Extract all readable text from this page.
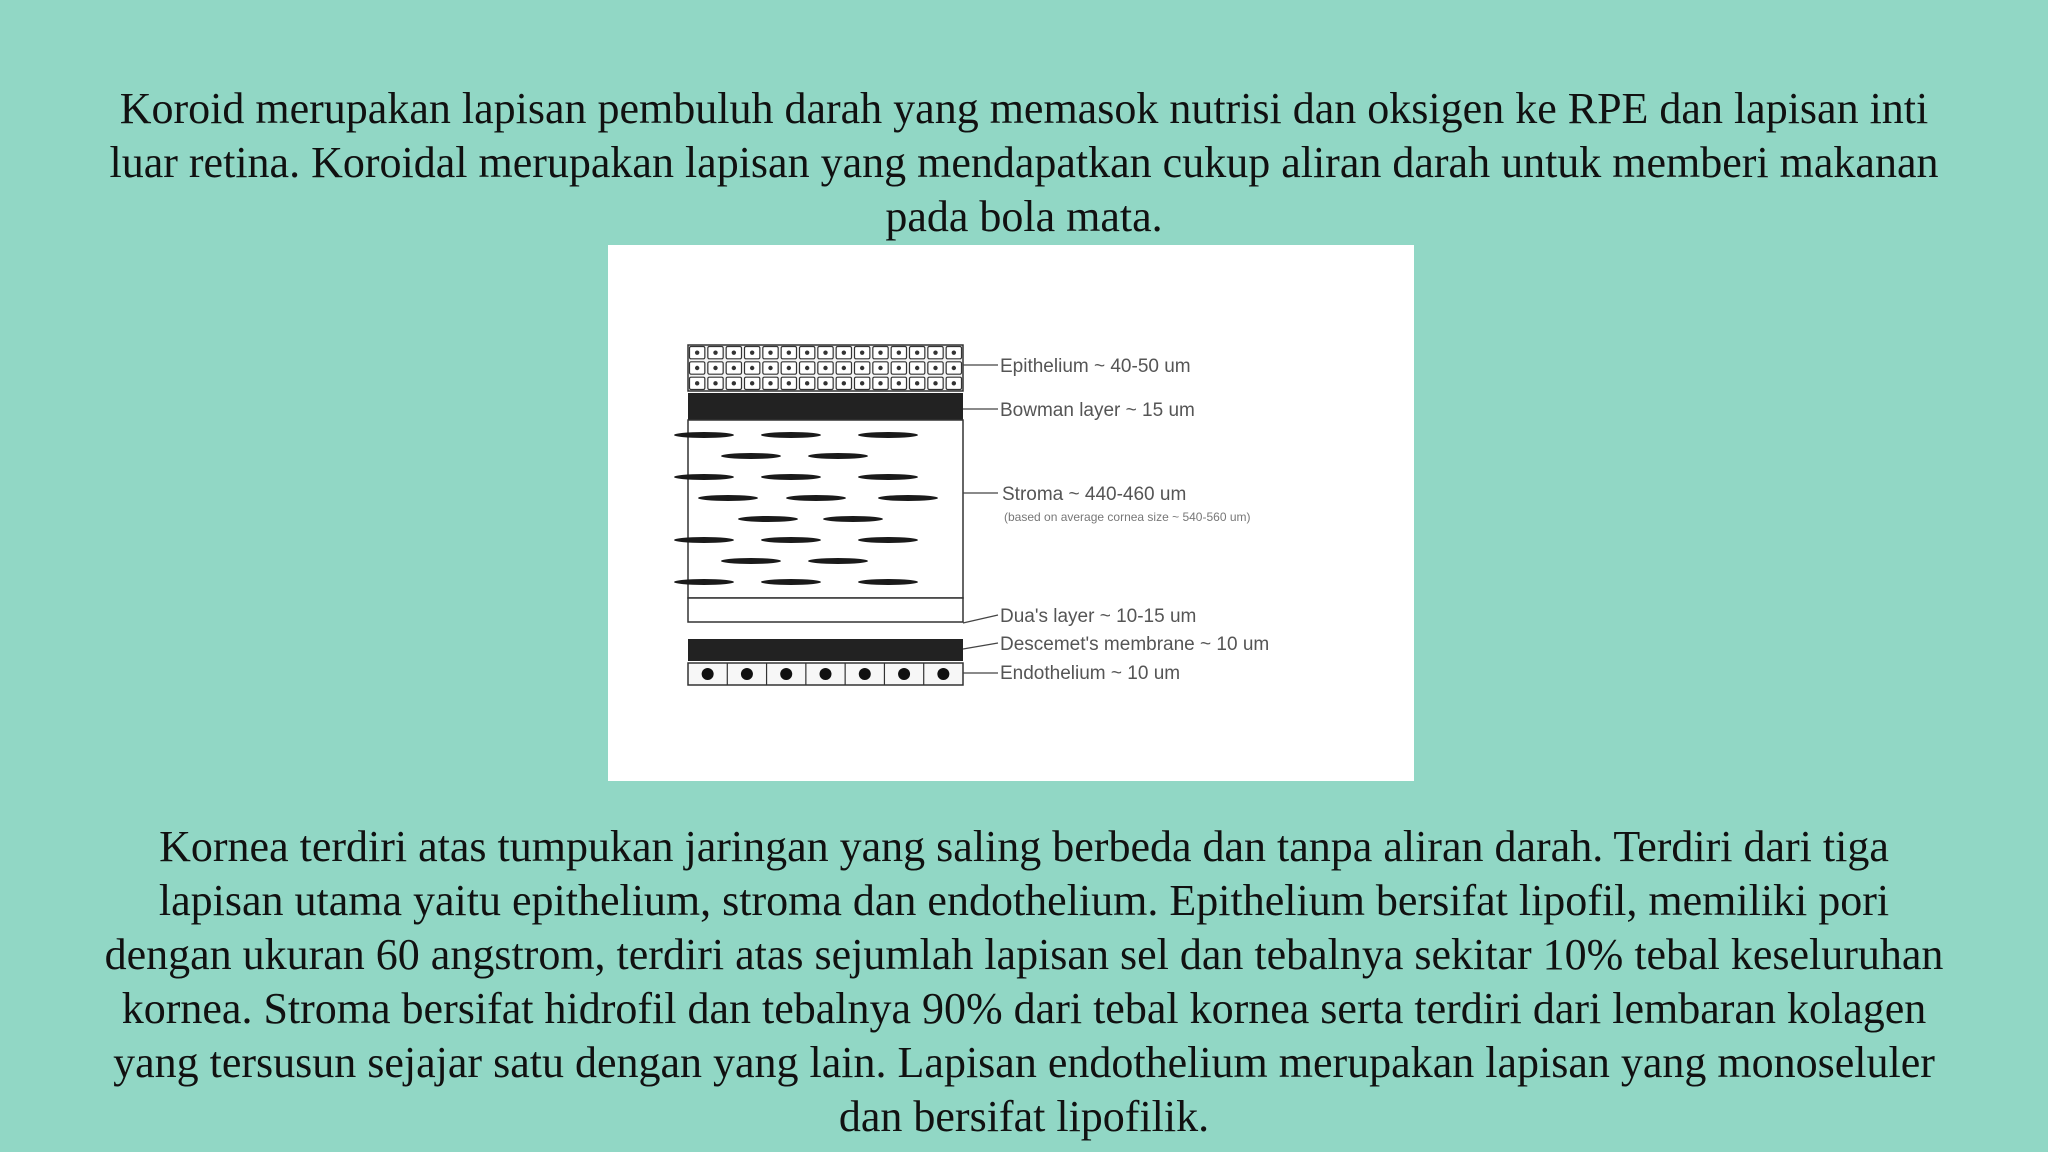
Koroid merupakan lapisan pembuluh darah yang memasok nutrisi dan oksigen ke RPE dan lapisan inti luar retina. Koroidal merupakan lapisan yang mendapatkan cukup aliran darah untuk memberi makanan pada bola mata.

Epithelium ~ 40-50 um
Bowman layer ~ 15 um
Stroma ~ 440-460 um
(based on average cornea size ~ 540-560 um)
Dua's layer ~ 10-15 um
Descemet's membrane ~ 10 um
Endothelium ~ 10 um

Kornea terdiri atas tumpukan jaringan yang saling berbeda dan tanpa aliran darah. Terdiri dari tiga lapisan utama yaitu epithelium, stroma dan endothelium. Epithelium bersifat lipofil, memiliki pori dengan ukuran 60 angstrom, terdiri atas sejumlah lapisan sel dan tebalnya sekitar 10% tebal keseluruhan kornea. Stroma bersifat hidrofil dan tebalnya 90% dari tebal kornea serta terdiri dari lembaran kolagen yang tersusun sejajar satu dengan yang lain. Lapisan endothelium merupakan lapisan yang monoseluler dan bersifat lipofilik.
